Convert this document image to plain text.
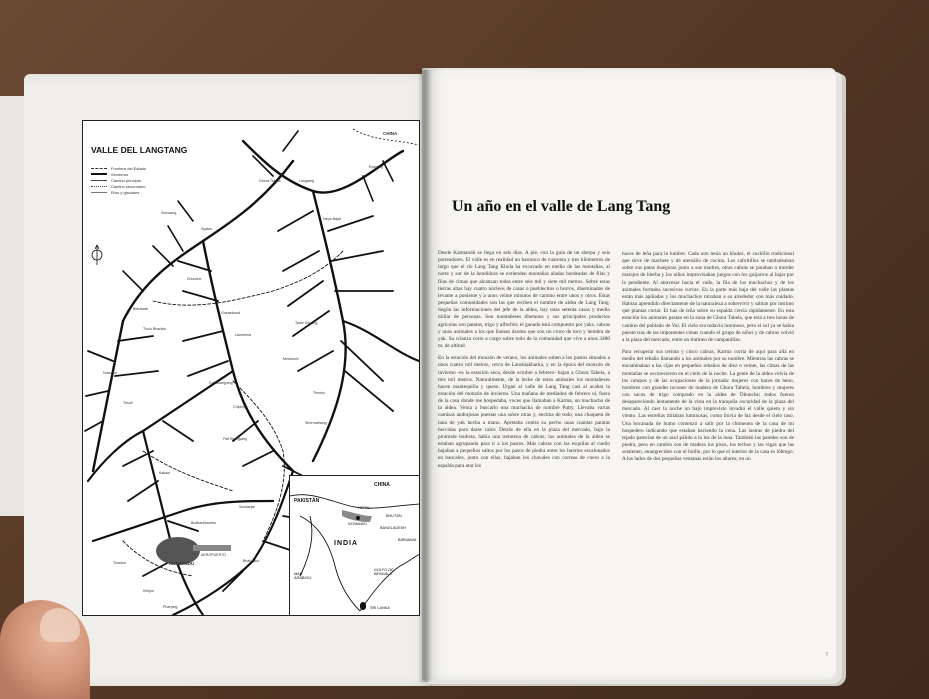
VALLE DEL LANGTANG
Frontera del Estado
Senderos
Camino principal
Camino secundario
Ríos y glaciares
CHINA
Langtang
Kyanjing
Ghora Tabela
Nepa Bajar
Syabru
Dhunche
Thulo Bharkhu
Gul Bhanjyang
Chipling
Pati Bhanjyang
Sundarijal
KATMANDÚ
AEROPUERTO
Bhaktapur
Melamchi
Tarke Ghyang
Thimbu
Shermathang
Kakani
Budhanilkantha
Kirtipur
Thankot
Pharping
Nuwakot
Trisuli
Betrawati
Somdang
Gosainkund
Laurebina
CHINA
PAKISTÁN
INDIA
NEPAL
KATMANDÚ
BHUTÁN
BANGLADESH
BIRMANIA
MAR ARÁBIGO
GOLFO DE BENGALA
SRI LANKA
Un año en el valle de Lang Tang

Desde Katmandú se llega en seis días. A pie, con la guía de un sherpa y seis porteadores. El valle es en realidad un barranco de cuarenta y tres kilómetros de largo que el río Lang Tang Khola ha excavado en medio de las montañas, al norte y sur de la hendidura se extienden montañas aladas bordeadas de filas y filas de cimas que alcanzan todas entre seis mil y siete mil metros. Sobre estas tierras altas hay cuatro núcleos de casas o pueblecitos o burros, diseminados de levante a poniente y a unos veinte minutos de camino entre unos y otros. Estas pequeñas comunidades son las que reciben el nombre de aldea de Lang Tang. Según las informaciones del jefe de la aldea, hay unas setenta casas y medio millar de personas. Son montañeses tibetanos y sus principales productos agrícolas son patatas, trigo y alforfón; el ganado está compuesto por yaks, cabras y unos animales a los que llaman dzomo que son un cruce de toro y hembra de yak. Su crianza corre a cargo sobre todo de la comunidad que vive a unos 3480 m. de altitud.

En la estación del monzón de verano, los animales suben a los pastos situados a unos cuatro mil metros, cerca de Lanshiakharka, y en la época del monzón de invierno -es la estación seca, desde octubre a febrero- bajan a Ghora Tabela, a tres mil metros. Naturalmente, de la leche de estos animales los montañeses hacen mantequilla y queso. Urgué al valle de Lang Tang casi al acabar la estación del monzón de invierno. Una mañana de mediados de febrero oí, fuera de la casa donde me hospedaba, voces que llamaban a Karma, un muchacho de la aldea. Venía a buscarlo una muchacha de nombre Putty. Llevaba varias camisas andrajosas puestas una sobre otras y, encima de todo, una chaqueta de lana de yak hecha a mano. Apretaba contra su pecho unas cuantas patatas hervidas para darse calor. Detrás de ella en la plaza del mercado, bajo la pirámide budista, había una treintena de cabras; los animales de la aldea se estaban agrupando para ir a los pastos. Más cabras con las esquilas al cuello bajaban a pequeños saltos por los pasos de piedra entre los huertos escalonados en bancales, junto con ellas, bajaban los chavales con correas de cuero a la espalda para atar los

haces de leña para la lumbre. Cada uno tenía un khukri, el cuchillo tradicional que sirve de machete y de utensilio de cocina. Los cabritillos se tambaleaban sobre sus patas inseguras junto a sus madres, otras cabras se paraban a morder matojos de hierba y los niños improvisaban juegos con los guijarros al bajar por la pendiente. Al atravesar hacia el valle, la fila de los muchachos y de los animales formaba sucesivas curvas. En la parte más baja del valle las plantas están más apiñadas y los muchachos miraban a su alrededor con más cuidado. Habían aprendido directamente de la naturaleza a sobrevivir y sabían por instinto qué plantas cortar. El haz de leña sobre su espalda crecía rápidamente. En esta estación los animales pastan en la zona de Ghora Tabela, que está a tres horas de camino del poblado de Yul. El cielo era todavía luminoso, pero el sol ya se había puesto tras de las imponentes cimas cuando el grupo de niños y de cabras volvió a la plaza del mercado, entre un tintineo de campanillas.

Para recuperar sus treinta y cinco cabras, Karma corría de aquí para allá en medio del rebaño llamando a los animales por su nombre. Mientras las cabras se encaminaban a las cijas en pequeños rebaños de diez o veinte, las cimas de las montañas se oscurecieron en el cielo de la noche. La gente de la aldea volvía de los campos y de las ocupaciones de la jornada: mujeres con haces de heno, hombres con grandes tocones de madera de Ghora Tabela, hombres y mujeres con sacos de trigo comprado en la aldea de Dhunche; todos fueron desapareciendo lentamente de la vista en la tranquila oscuridad de la plaza del mercado. Al caer la noche un bajo imprevisto invadió el valle quieto y sin viento. Las estrellas titilaban luminosas, como lluvia de luz desde el cielo raso. Una bocanada de humo comenzó a salir por la chimenea de la casa de mi hospedero indicando que estaban haciendo la cena. Las lastras de piedra del tejado parecían de un azul pálido a la luz de la luna. También las paredes son de piedra, pero en cambio son de madera los pisos, los techos y las vigas que las sostienen, ennegrecidos con el hollín, por lo que el interior de la casa es lóbrego. A los lados de dos pequeñas ventanas están los altares; en un

7
